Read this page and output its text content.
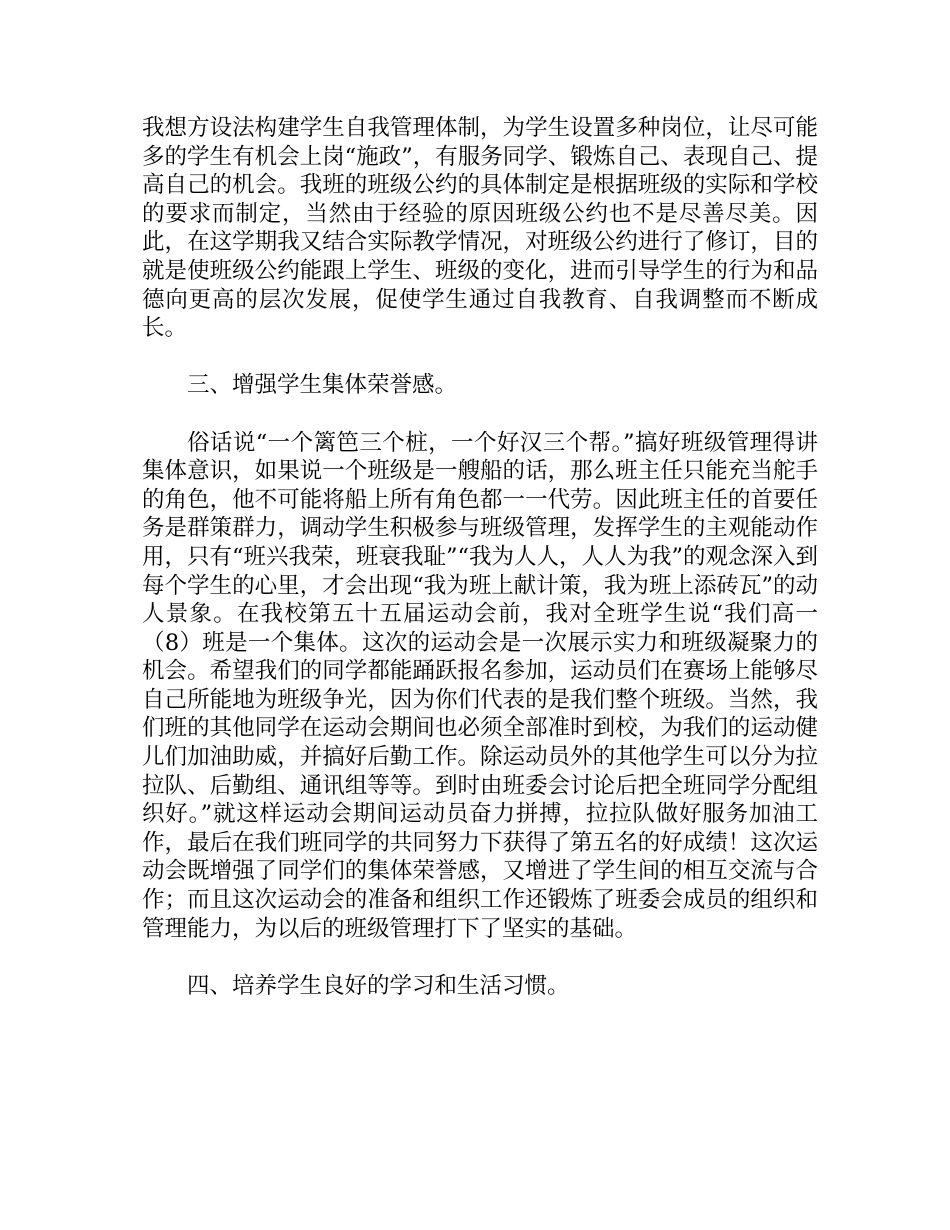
我想方设法构建学生自我管理体制，为学生设置多种岗位，让尽可能多的学生有机会上岗“施政”，有服务同学、锻炼自己、表现自己、提高自己的机会。我班的班级公约的具体制定是根据班级的实际和学校的要求而制定，当然由于经验的原因班级公约也不是尽善尽美。因此，在这学期我又结合实际教学情况，对班级公约进行了修订，目的就是使班级公约能跟上学生、班级的变化，进而引导学生的行为和品德向更高的层次发展，促使学生通过自我教育、自我调整而不断成长。

三、增强学生集体荣誉感。

俗话说“一个篱笆三个桩，一个好汉三个帮。”搞好班级管理得讲集体意识，如果说一个班级是一艘船的话，那么班主任只能充当舵手的角色，他不可能将船上所有角色都一一代劳。因此班主任的首要任务是群策群力，调动学生积极参与班级管理，发挥学生的主观能动作用，只有“班兴我荣，班衰我耻”“我为人人，人人为我”的观念深入到每个学生的心里，才会出现“我为班上献计策，我为班上添砖瓦”的动人景象。在我校第五十五届运动会前，我对全班学生说“我们高一（8）班是一个集体。这次的运动会是一次展示实力和班级凝聚力的机会。希望我们的同学都能踊跃报名参加，运动员们在赛场上能够尽自己所能地为班级争光，因为你们代表的是我们整个班级。当然，我们班的其他同学在运动会期间也必须全部准时到校，为我们的运动健儿们加油助威，并搞好后勤工作。除运动员外的其他学生可以分为拉拉队、后勤组、通讯组等等。到时由班委会讨论后把全班同学分配组织好。”就这样运动会期间运动员奋力拼搏，拉拉队做好服务加油工作，最后在我们班同学的共同努力下获得了第五名的好成绩！这次运动会既增强了同学们的集体荣誉感，又增进了学生间的相互交流与合作；而且这次运动会的准备和组织工作还锻炼了班委会成员的组织和管理能力，为以后的班级管理打下了坚实的基础。

四、培养学生良好的学习和生活习惯。
